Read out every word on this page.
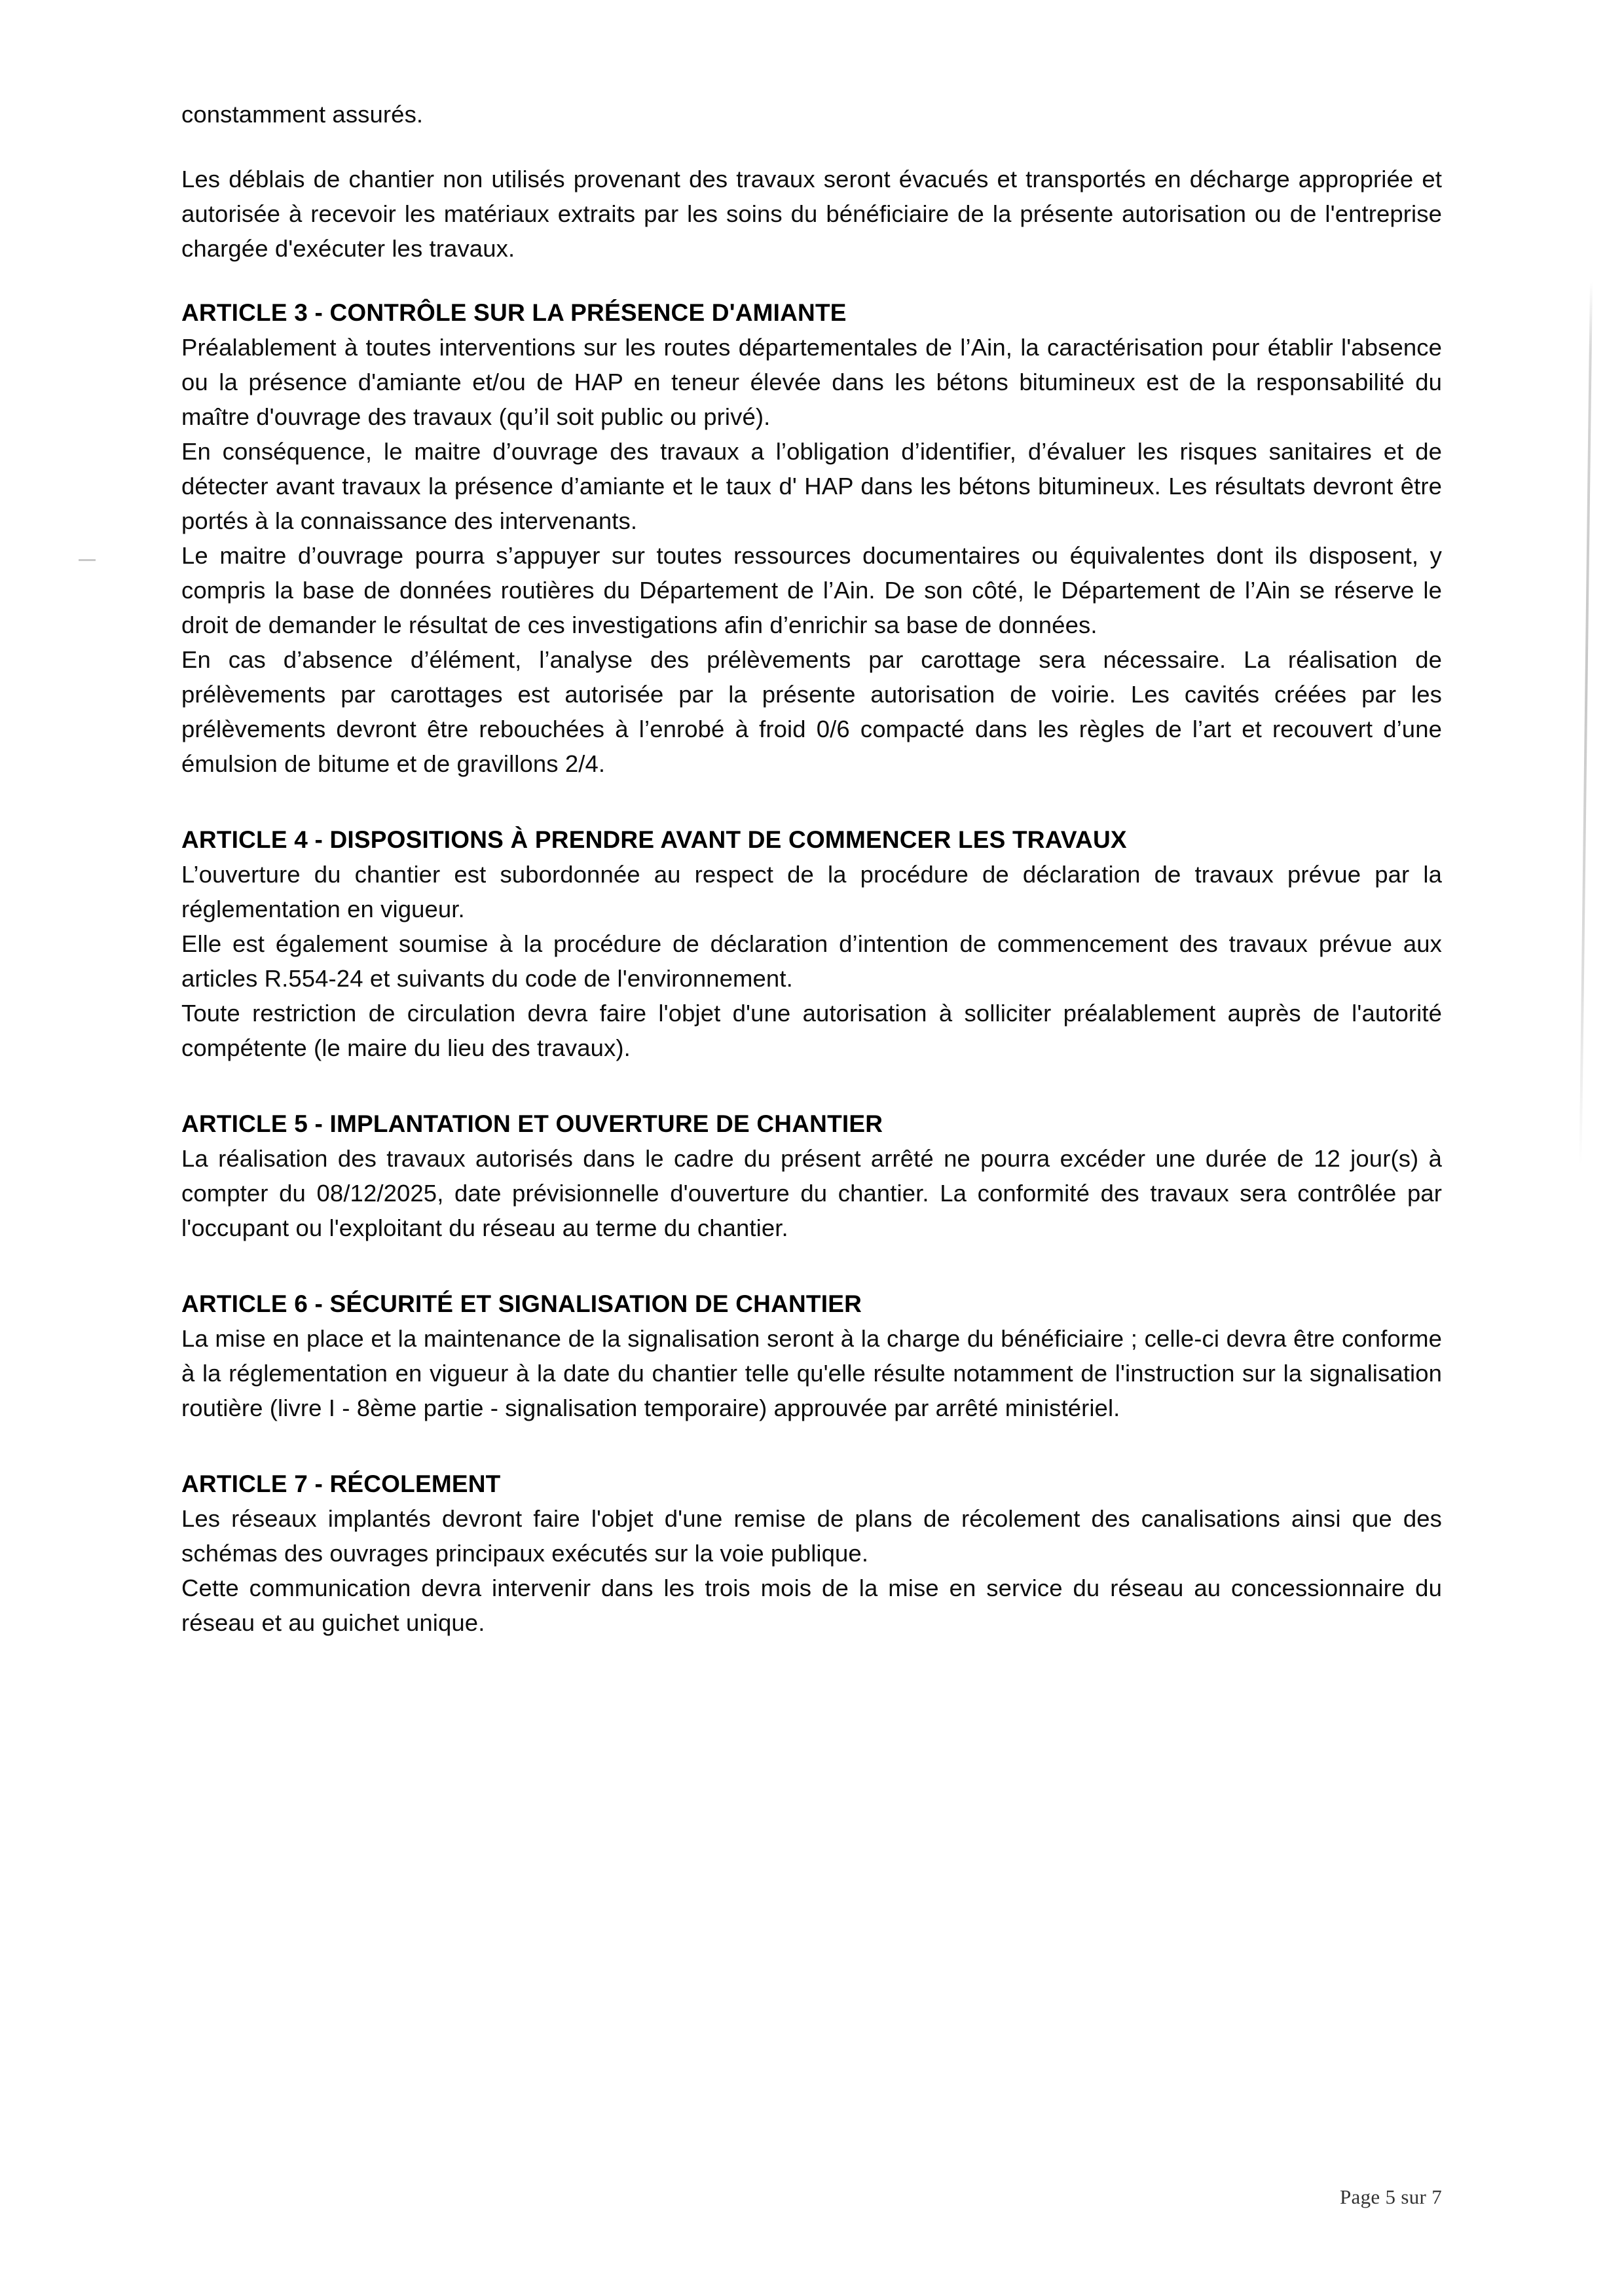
constamment assurés.

Les déblais de chantier non utilisés provenant des travaux seront évacués et transportés en décharge appropriée et autorisée à recevoir les matériaux extraits par les soins du bénéficiaire de la présente autorisation ou de l'entreprise chargée d'exécuter les travaux.

ARTICLE 3 - CONTRÔLE SUR LA PRÉSENCE D'AMIANTE

Préalablement à toutes interventions sur les routes départementales de l’Ain, la caractérisation pour établir l'absence ou la présence d'amiante et/ou de HAP en teneur élevée dans les bétons bitumineux est de la responsabilité du maître d'ouvrage des travaux (qu’il soit public ou privé).

En conséquence, le maitre d’ouvrage des travaux a l’obligation d’identifier, d’évaluer les risques sanitaires et de détecter avant travaux la présence d’amiante et le taux d' HAP dans les bétons bitumineux. Les résultats devront être portés à la connaissance des intervenants.

Le maitre d’ouvrage pourra s’appuyer sur toutes ressources documentaires ou équivalentes dont ils disposent, y compris la base de données routières du Département de l’Ain. De son côté, le Département de l’Ain se réserve le droit de demander le résultat de ces investigations afin d’enrichir sa base de données.

En cas d’absence d’élément, l’analyse des prélèvements par carottage sera nécessaire. La réalisation de prélèvements par carottages est autorisée par la présente autorisation de voirie. Les cavités créées par les prélèvements devront être rebouchées à l’enrobé à froid 0/6 compacté dans les règles de l’art et recouvert d’une émulsion de bitume et de gravillons 2/4.

ARTICLE 4 - DISPOSITIONS À PRENDRE AVANT DE COMMENCER LES TRAVAUX

L’ouverture du chantier est subordonnée au respect de la procédure de déclaration de travaux prévue par la réglementation en vigueur.

Elle est également soumise à la procédure de déclaration d’intention de commencement des travaux prévue aux articles R.554-24 et suivants du code de l'environnement.

Toute restriction de circulation devra faire l'objet d'une autorisation à solliciter préalablement auprès de l'autorité compétente (le maire du lieu des travaux).

ARTICLE 5 - IMPLANTATION ET OUVERTURE DE CHANTIER

La réalisation des travaux autorisés dans le cadre du présent arrêté ne pourra excéder une durée de 12 jour(s) à compter du 08/12/2025, date prévisionnelle d'ouverture du chantier. La conformité des travaux sera contrôlée par l'occupant ou l'exploitant du réseau au terme du chantier.

ARTICLE 6 - SÉCURITÉ ET SIGNALISATION DE CHANTIER

La mise en place et la maintenance de la signalisation seront à la charge du bénéficiaire ; celle-ci devra être conforme à la réglementation en vigueur à la date du chantier telle qu'elle résulte notamment de l'instruction sur la signalisation routière (livre I - 8ème partie - signalisation temporaire) approuvée par arrêté ministériel.

ARTICLE 7 - RÉCOLEMENT

Les réseaux implantés devront faire l'objet d'une remise de plans de récolement des canalisations ainsi que des schémas des ouvrages principaux exécutés sur la voie publique.

Cette communication devra intervenir dans les trois mois de la mise en service du réseau au concessionnaire du réseau et au guichet unique.

Page 5 sur 7
